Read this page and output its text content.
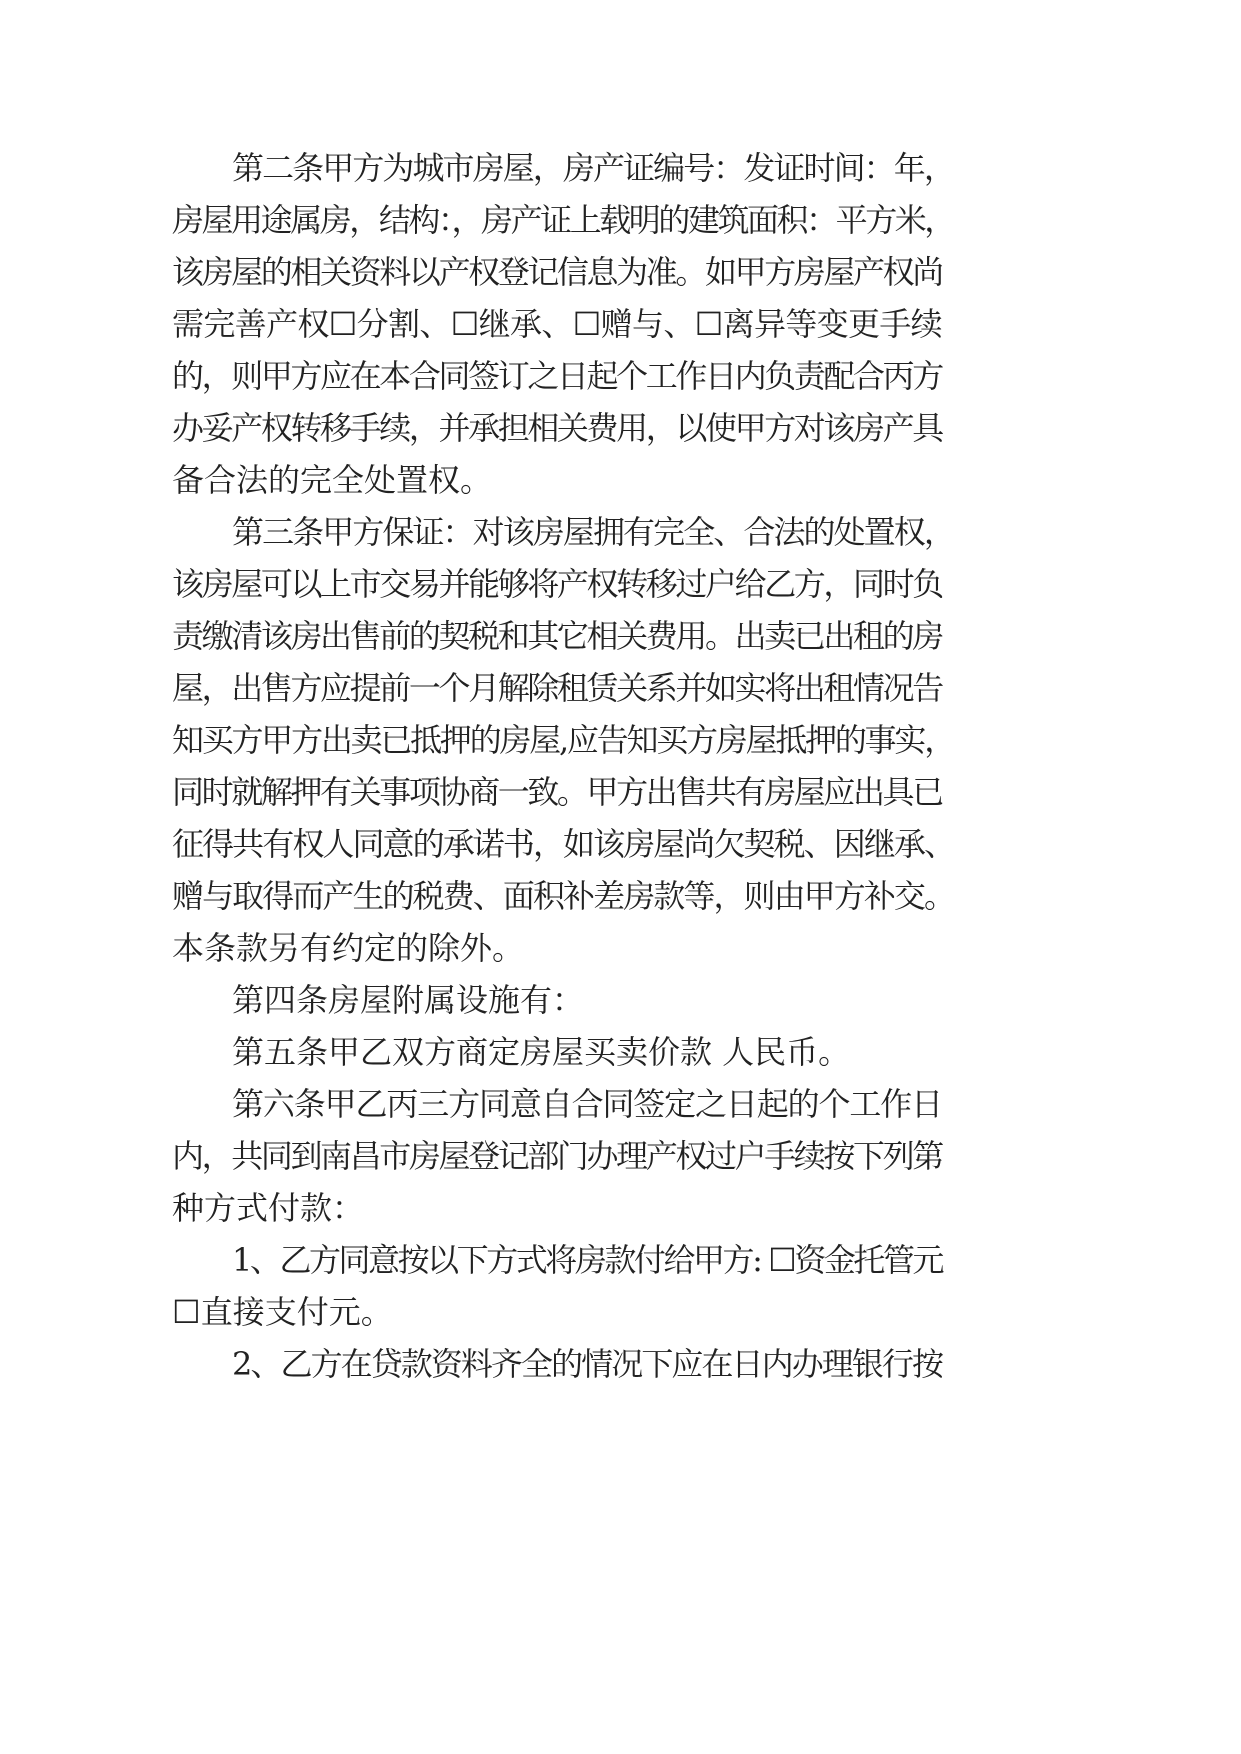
第二条甲方为城市房屋，房产证编号：发证时间：年，
房屋用途属房，结构：，房产证上载明的建筑面积：平方米，
该房屋的相关资料以产权登记信息为准。如甲方房屋产权尚
需完善产权☐分割、☐继承、☐赠与、☐离异等变更手续
的，则甲方应在本合同签订之日起个工作日内负责配合丙方
办妥产权转移手续，并承担相关费用，以使甲方对该房产具
备合法的完全处置权。
第三条甲方保证：对该房屋拥有完全、合法的处置权，
该房屋可以上市交易并能够将产权转移过户给乙方，同时负
责缴清该房出售前的契税和其它相关费用。出卖已出租的房
屋，出售方应提前一个月解除租赁关系并如实将出租情况告
知买方甲方出卖已抵押的房屋,应告知买方房屋抵押的事实，
同时就解押有关事项协商一致。甲方出售共有房屋应出具已
征得共有权人同意的承诺书，如该房屋尚欠契税、因继承、
赠与取得而产生的税费、面积补差房款等，则由甲方补交。
本条款另有约定的除外。
第四条房屋附属设施有：
第五条甲乙双方商定房屋买卖价款 人民币。
第六条甲乙丙三方同意自合同签定之日起的个工作日
内，共同到南昌市房屋登记部门办理产权过户手续按下列第
种方式付款：
1、乙方同意按以下方式将房款付给甲方: ☐资金托管元
☐直接支付元。
2、乙方在贷款资料齐全的情况下应在日内办理银行按
